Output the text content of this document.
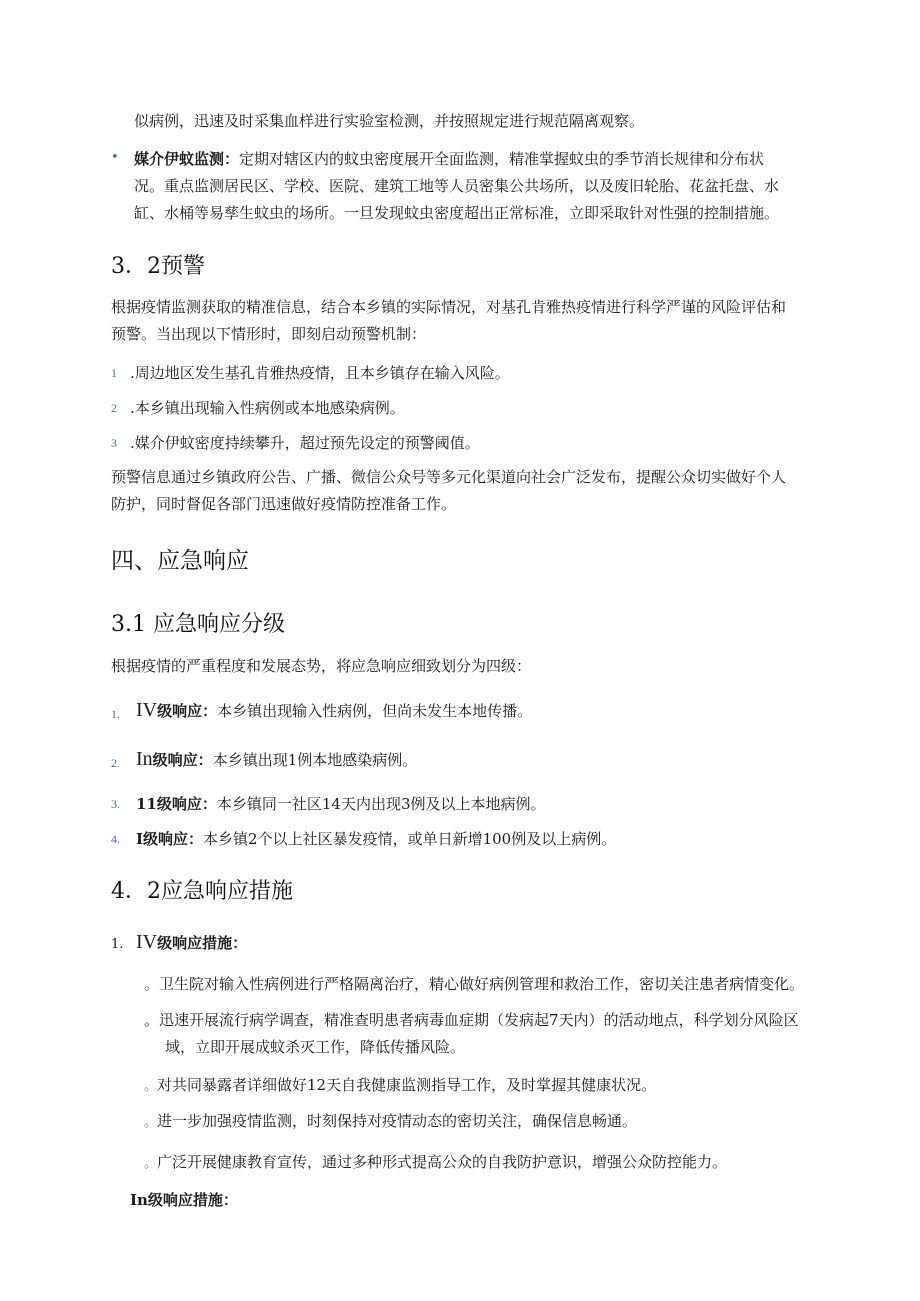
似病例，迅速及时采集血样进行实验室检测，并按照规定进行规范隔离观察。
• 媒介伊蚊监测：定期对辖区内的蚊虫密度展开全面监测，精准掌握蚊虫的季节消长规律和分布状
况。重点监测居民区、学校、医院、建筑工地等人员密集公共场所，以及废旧轮胎、花盆托盘、水
缸、水桶等易孳生蚊虫的场所。一旦发现蚊虫密度超出正常标准，立即采取针对性强的控制措施。
3．2预警
根据疫情监测获取的精准信息，结合本乡镇的实际情况，对基孔肯雅热疫情进行科学严谨的风险评估和
预警。当出现以下情形时，即刻启动预警机制：
1 .周边地区发生基孔肯雅热疫情，且本乡镇存在输入风险。
2 .本乡镇出现输入性病例或本地感染病例。
3 .媒介伊蚊密度持续攀升，超过预先设定的预警阈值。
预警信息通过乡镇政府公告、广播、微信公众号等多元化渠道向社会广泛发布，提醒公众切实做好个人
防护，同时督促各部门迅速做好疫情防控准备工作。
四、应急响应
3.1 应急响应分级
根据疫情的严重程度和发展态势，将应急响应细致划分为四级：
1. IV级响应：本乡镇出现输入性病例，但尚未发生本地传播。
2. In级响应：本乡镇出现1例本地感染病例。
3. 11级响应：本乡镇同一社区14天内出现3例及以上本地病例。
4. I级响应：本乡镇2个以上社区暴发疫情，或单日新增100例及以上病例。
4．2应急响应措施
1. IV级响应措施：
。卫生院对输入性病例进行严格隔离治疗，精心做好病例管理和救治工作，密切关注患者病情变化。
。迅速开展流行病学调查，精准查明患者病毒血症期（发病起7天内）的活动地点，科学划分风险区
域，立即开展成蚊杀灭工作，降低传播风险。
。对共同暴露者详细做好12天自我健康监测指导工作，及时掌握其健康状况。
。进一步加强疫情监测，时刻保持对疫情动态的密切关注，确保信息畅通。
。广泛开展健康教育宣传，通过多种形式提高公众的自我防护意识，增强公众防控能力。
In级响应措施：
